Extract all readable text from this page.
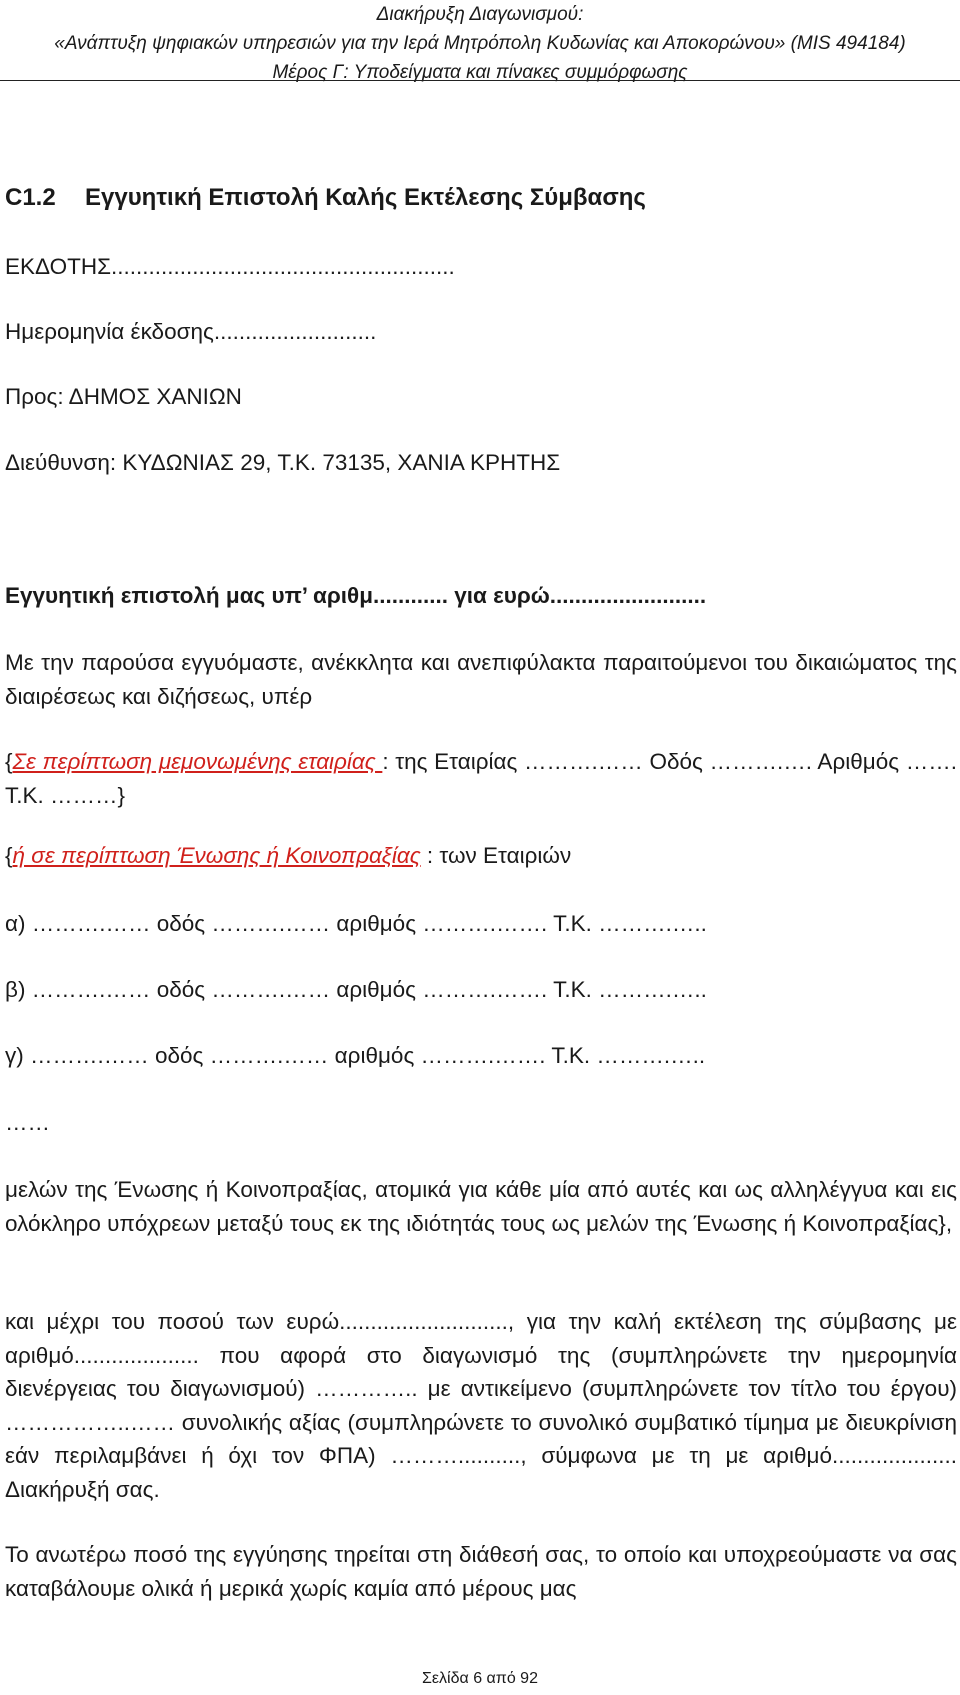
Διακήρυξη Διαγωνισμού:
«Ανάπτυξη ψηφιακών υπηρεσιών για την Ιερά Μητρόπολη Κυδωνίας και Αποκορώνου» (MIS 494184)
Μέρος Γ: Υποδείγματα και πίνακες συμμόρφωσης
C1.2 Εγγυητική Επιστολή Καλής Εκτέλεσης Σύμβασης
ΕΚΔΟΤΗΣ.......................................................
Ημερομηνία έκδοσης..........................
Προς: ΔΗΜΟΣ ΧΑΝΙΩΝ
Διεύθυνση: ΚΥΔΩΝΙΑΣ 29, Τ.Κ. 73135, ΧΑΝΙΑ ΚΡΗΤΗΣ
Εγγυητική επιστολή μας υπ’ αριθμ............ για ευρώ.........................
Με την παρούσα εγγυόμαστε, ανέκκλητα και ανεπιφύλακτα παραιτούμενοι του δικαιώματος της διαιρέσεως και διζήσεως, υπέρ
{Σε περίπτωση μεμονωμένης εταιρίας : της Εταιρίας ……….…… Οδός ……….…. Αριθμός ……. Τ.Κ. ………}
{ή σε περίπτωση Ένωσης ή Κοινοπραξίας : των Εταιριών
α) ……….…… οδός ……….…… αριθμός ……….……. Τ.Κ. ……….…..
β) ……….…… οδός ……….…… αριθμός ……….……. Τ.Κ. ……….…..
γ) ……….…… οδός ……….…… αριθμός ……….……. Τ.Κ. ……….…..
……
μελών της Ένωσης ή Κοινοπραξίας, ατομικά για κάθε μία από αυτές και ως αλληλέγγυα και εις ολόκληρο υπόχρεων μεταξύ τους εκ της ιδιότητάς τους ως μελών της Ένωσης ή Κοινοπραξίας},
και μέχρι του ποσού των ευρώ..........................., για την καλή εκτέλεση της σύμβασης με αριθμό.................... που αφορά στο διαγωνισμό της (συμπληρώνετε την ημερομηνία διενέργειας του διαγωνισμού) ………….. με αντικείμενο (συμπληρώνετε τον τίτλο του έργου) ……………..…… συνολικής αξίας (συμπληρώνετε το συνολικό συμβατικό τίμημα με διευκρίνιση εάν περιλαμβάνει ή όχι τον ΦΠΑ) ……….........., σύμφωνα με τη με αριθμό.................... Διακήρυξή σας.
Το ανωτέρω ποσό της εγγύησης τηρείται στη διάθεσή σας, το οποίο και υποχρεούμαστε να σας καταβάλουμε ολικά ή μερικά χωρίς καμία από μέρους μας
Σελίδα 6 από 92
